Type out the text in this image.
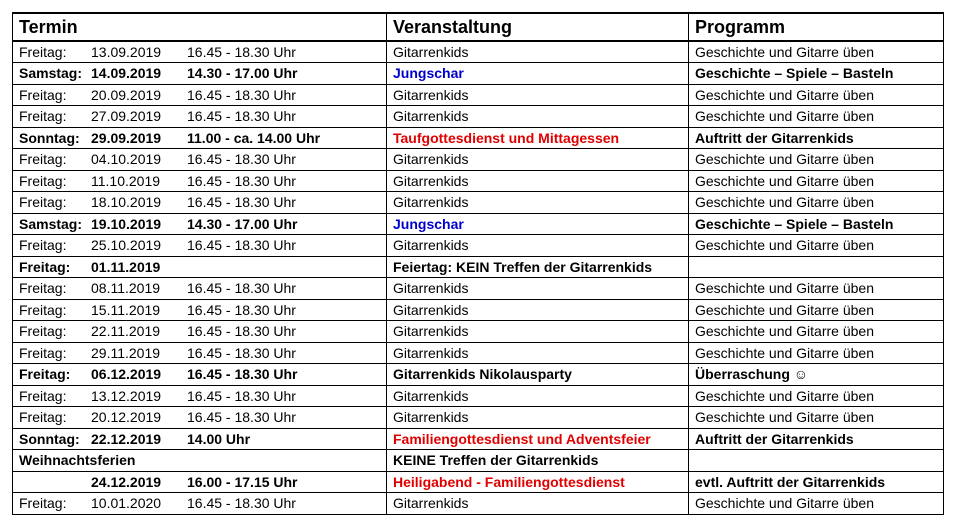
Termin	Veranstaltung	Programm
Freitag: 13.09.2019 16.45 - 18.30 Uhr	Gitarrenkids	Geschichte und Gitarre üben
Samstag: 14.09.2019 14.30 - 17.00 Uhr	Jungschar	Geschichte – Spiele – Basteln
Freitag: 20.09.2019 16.45 - 18.30 Uhr	Gitarrenkids	Geschichte und Gitarre üben
Freitag: 27.09.2019 16.45 - 18.30 Uhr	Gitarrenkids	Geschichte und Gitarre üben
Sonntag: 29.09.2019 11.00 - ca. 14.00 Uhr	Taufgottesdienst und Mittagessen	Auftritt der Gitarrenkids
Freitag: 04.10.2019 16.45 - 18.30 Uhr	Gitarrenkids	Geschichte und Gitarre üben
Freitag: 11.10.2019 16.45 - 18.30 Uhr	Gitarrenkids	Geschichte und Gitarre üben
Freitag: 18.10.2019 16.45 - 18.30 Uhr	Gitarrenkids	Geschichte und Gitarre üben
Samstag: 19.10.2019 14.30 - 17.00 Uhr	Jungschar	Geschichte – Spiele – Basteln
Freitag: 25.10.2019 16.45 - 18.30 Uhr	Gitarrenkids	Geschichte und Gitarre üben
Freitag: 01.11.2019	Feiertag: KEIN Treffen der Gitarrenkids	
Freitag: 08.11.2019 16.45 - 18.30 Uhr	Gitarrenkids	Geschichte und Gitarre üben
Freitag: 15.11.2019 16.45 - 18.30 Uhr	Gitarrenkids	Geschichte und Gitarre üben
Freitag: 22.11.2019 16.45 - 18.30 Uhr	Gitarrenkids	Geschichte und Gitarre üben
Freitag: 29.11.2019 16.45 - 18.30 Uhr	Gitarrenkids	Geschichte und Gitarre üben
Freitag: 06.12.2019 16.45 - 18.30 Uhr	Gitarrenkids Nikolausparty	Überraschung ☺
Freitag: 13.12.2019 16.45 - 18.30 Uhr	Gitarrenkids	Geschichte und Gitarre üben
Freitag: 20.12.2019 16.45 - 18.30 Uhr	Gitarrenkids	Geschichte und Gitarre üben
Sonntag: 22.12.2019 14.00 Uhr	Familiengottesdienst und Adventsfeier	Auftritt der Gitarrenkids
Weihnachtsferien	KEINE Treffen der Gitarrenkids	
24.12.2019 16.00 - 17.15 Uhr	Heiligabend - Familiengottesdienst	evtl. Auftritt der Gitarrenkids
Freitag: 10.01.2020 16.45 - 18.30 Uhr	Gitarrenkids	Geschichte und Gitarre üben
